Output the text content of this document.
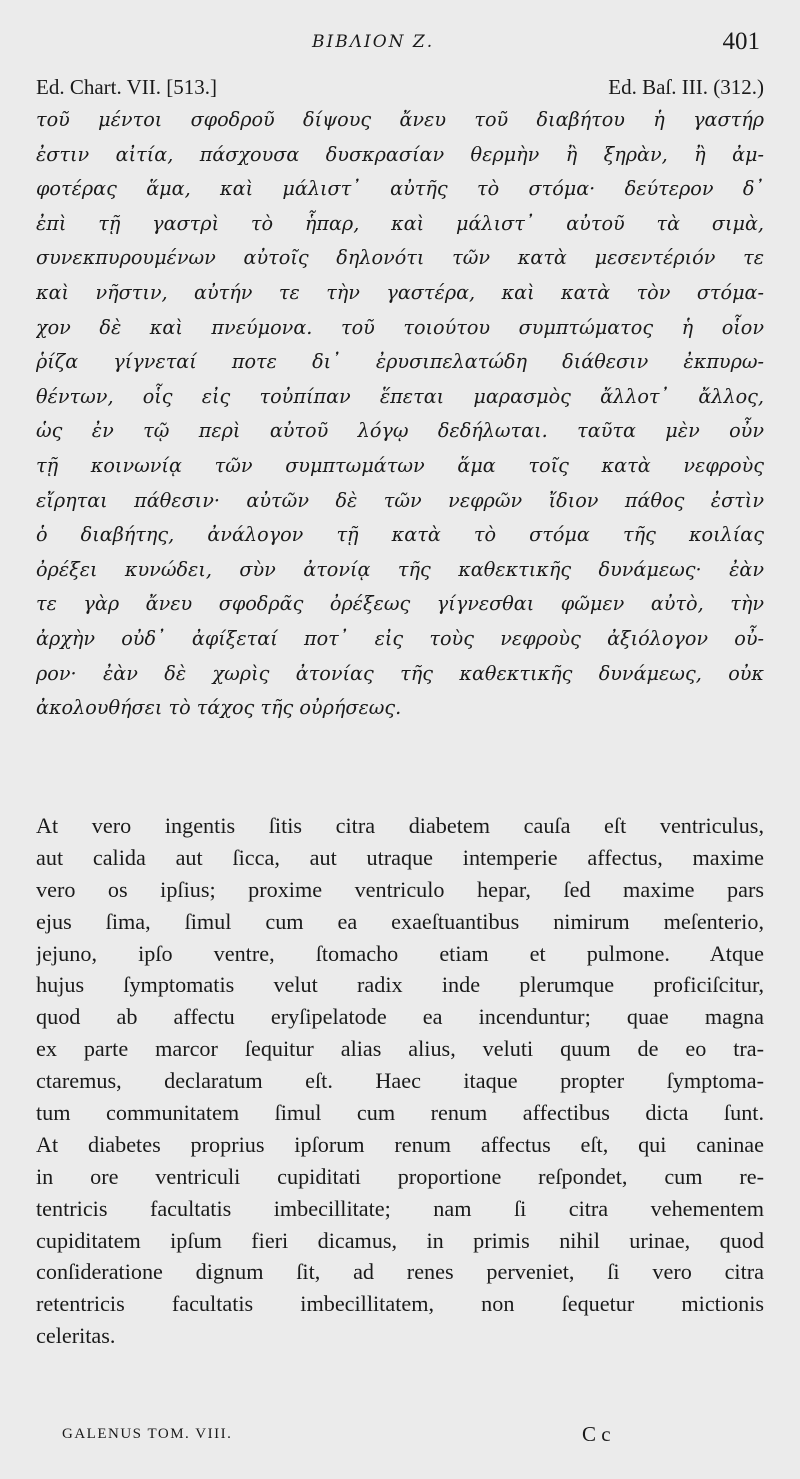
BIBΛΙΟΝ Ζ.	401
Ed. Chart. VII. [513.]	Ed. Baſ. III. (312.)
τοῦ μέντοι σφοδροῦ δίψους ἄνευ τοῦ διαβήτου ἡ γαστήρ
ἐστιν αἰτία, πάσχουσα δυσκρασίαν θερμὴν ἢ ξηρὰν, ἢ ἀμ-
φοτέρας ἅμα, καὶ μάλιστ᾽ αὐτῆς τὸ στόμα· δεύτερον δ᾽
ἐπὶ τῇ γαστρὶ τὸ ἧπαρ, καὶ μάλιστ᾽ αὐτοῦ τὰ σιμὰ,
συνεκπυρουμένων αὐτοῖς δηλονότι τῶν κατὰ μεσεντέριόν τε
καὶ νῆστιν, αὐτήν τε τὴν γαστέρα, καὶ κατὰ τὸν στόμα-
χον δὲ καὶ πνεύμονα. τοῦ τοιούτου συμπτώματος ἡ οἷον
ῥίζα γίγνεταί ποτε δι᾽ ἐρυσιπελατώδη διάθεσιν ἐκπυρω-
θέντων, οἷς εἰς τοὐπίπαν ἕπεται μαρασμὸς ἄλλοτ᾽ ἄλλος,
ὡς ἐν τῷ περὶ αὐτοῦ λόγῳ δεδήλωται. ταῦτα μὲν οὖν
τῇ κοινωνίᾳ τῶν συμπτωμάτων ἅμα τοῖς κατὰ νεφροὺς
εἴρηται πάθεσιν· αὐτῶν δὲ τῶν νεφρῶν ἴδιον πάθος ἐστὶν
ὁ διαβήτης, ἀνάλογον τῇ κατὰ τὸ στόμα τῆς κοιλίας
ὀρέξει κυνώδει, σὺν ἀτονίᾳ τῆς καθεκτικῆς δυνάμεως· ἐὰν
τε γὰρ ἄνευ σφοδρᾶς ὀρέξεως γίγνεσθαι φῶμεν αὐτὸ, τὴν
ἀρχὴν οὐδ᾽ ἀφίξεταί ποτ᾽ εἰς τοὺς νεφροὺς ἀξιόλογον οὖ-
ρον· ἐὰν δὲ χωρὶς ἀτονίας τῆς καθεκτικῆς δυνάμεως, οὐκ
ἀκολουθήσει τὸ τάχος τῆς οὐρήσεως.
At vero ingentis ſitis citra diabetem cauſa eſt ventriculus,
aut calida aut ſicca, aut utraque intemperie affectus, maxime
vero os ipſius; proxime ventriculo hepar, ſed maxime pars
ejus ſima, ſimul cum ea exaeſtuantibus nimirum meſenterio,
jejuno, ipſo ventre, ſtomacho etiam et pulmone. Atque
hujus ſymptomatis velut radix inde plerumque proficiſcitur,
quod ab affectu eryſipelatode ea incenduntur; quae magna
ex parte marcor ſequitur alias alius, veluti quum de eo tra-
ctaremus, declaratum eſt. Haec itaque propter ſymptoma-
tum communitatem ſimul cum renum affectibus dicta ſunt.
At diabetes proprius ipſorum renum affectus eſt, qui caninae
in ore ventriculi cupiditati proportione reſpondet, cum re-
tentricis facultatis imbecillitate; nam ſi citra vehementem
cupiditatem ipſum fieri dicamus, in primis nihil urinae, quod
conſideratione dignum ſit, ad renes perveniet, ſi vero citra
retentricis facultatis imbecillitatem, non ſequetur mictionis
celeritas.
GALENUS TOM. VIII.	C c
